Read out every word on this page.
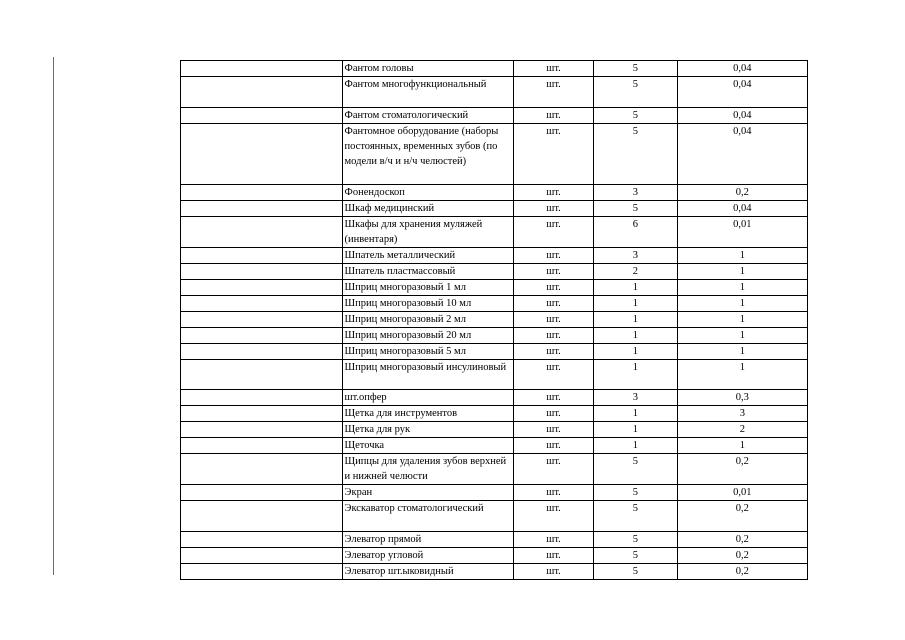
	Фантом головы	шт.	5	0,04
	Фантом многофункциональный	шт.	5	0,04
	Фантом стоматологический	шт.	5	0,04
	Фантомное оборудование (наборы постоянных, временных зубов (по модели в/ч и н/ч челюстей)	шт.	5	0,04
	Фонендоскоп	шт.	3	0,2
	Шкаф медицинский	шт.	5	0,04
	Шкафы для хранения муляжей (инвентаря)	шт.	6	0,01
	Шпатель металлический	шт.	3	1
	Шпатель пластмассовый	шт.	2	1
	Шприц многоразовый 1 мл	шт.	1	1
	Шприц многоразовый 10 мл	шт.	1	1
	Шприц многоразовый 2 мл	шт.	1	1
	Шприц многоразовый 20 мл	шт.	1	1
	Шприц многоразовый 5 мл	шт.	1	1
	Шприц многоразовый инсулиновый	шт.	1	1
	шт.опфер	шт.	3	0,3
	Щетка для инструментов	шт.	1	3
	Щетка для рук	шт.	1	2
	Щеточка	шт.	1	1
	Щипцы для удаления зубов верхней и нижней челюсти	шт.	5	0,2
	Экран	шт.	5	0,01
	Экскаватор стоматологический	шт.	5	0,2
	Элеватор прямой	шт.	5	0,2
	Элеватор угловой	шт.	5	0,2
	Элеватор шт.ыковидный	шт.	5	0,2
